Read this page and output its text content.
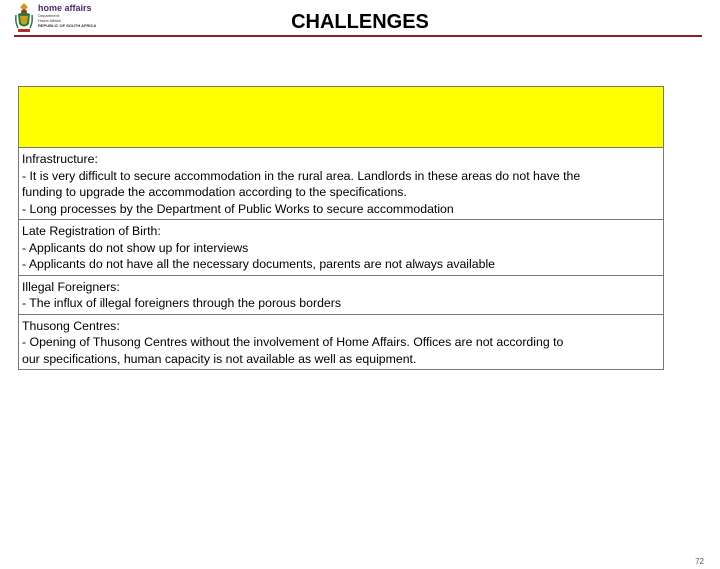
home affairs
Department:
Home Affairs
REPUBLIC OF SOUTH AFRICA	CHALLENGES
Infrastructure:
- It is very difficult to secure accommodation in the rural area. Landlords in these areas do not have the
funding to upgrade the accommodation according to the specifications.
- Long processes by the Department of Public Works to secure accommodation
Late Registration of Birth:
- Applicants do not show up for interviews
- Applicants do not have all the necessary documents, parents are not always available
Illegal Foreigners:
- The influx of illegal foreigners through the porous borders
Thusong Centres:
- Opening of Thusong Centres without the involvement of Home Affairs. Offices are not according to
our specifications, human capacity is not available as well as equipment.
72
